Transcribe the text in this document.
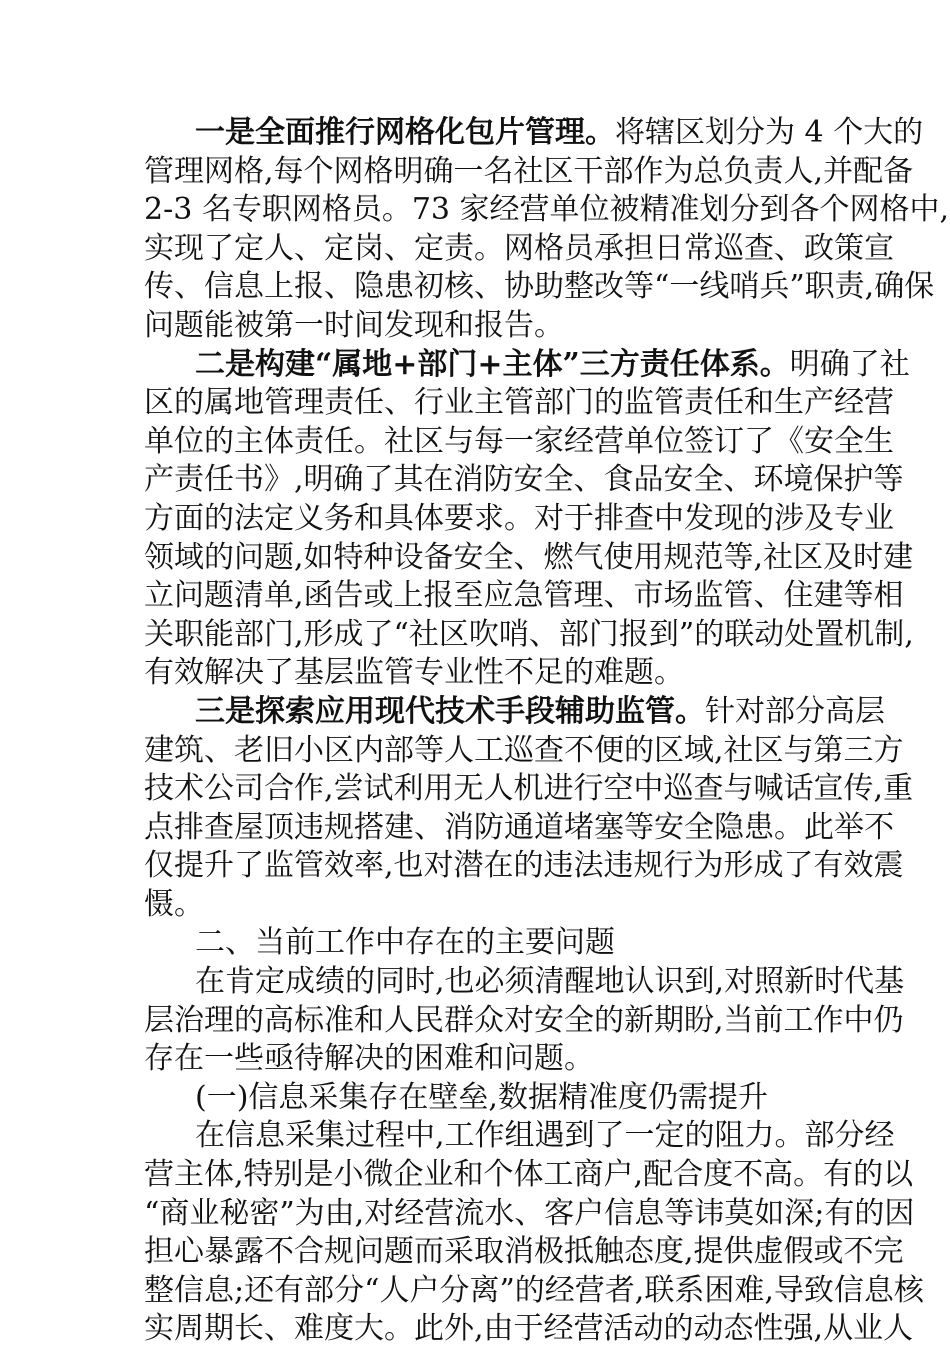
一是全面推行网格化包片管理。将辖区划分为 4 个大的
管理网格,每个网格明确一名社区干部作为总负责人,并配备
2-3 名专职网格员。73 家经营单位被精准划分到各个网格中,
实现了定人、定岗、定责。网格员承担日常巡查、政策宣
传、信息上报、隐患初核、协助整改等“一线哨兵”职责,确保
问题能被第一时间发现和报告。
二是构建“属地+部门+主体”三方责任体系。明确了社
区的属地管理责任、行业主管部门的监管责任和生产经营
单位的主体责任。社区与每一家经营单位签订了《安全生
产责任书》,明确了其在消防安全、食品安全、环境保护等
方面的法定义务和具体要求。对于排查中发现的涉及专业
领域的问题,如特种设备安全、燃气使用规范等,社区及时建
立问题清单,函告或上报至应急管理、市场监管、住建等相
关职能部门,形成了“社区吹哨、部门报到”的联动处置机制,
有效解决了基层监管专业性不足的难题。
三是探索应用现代技术手段辅助监管。针对部分高层
建筑、老旧小区内部等人工巡查不便的区域,社区与第三方
技术公司合作,尝试利用无人机进行空中巡查与喊话宣传,重
点排查屋顶违规搭建、消防通道堵塞等安全隐患。此举不
仅提升了监管效率,也对潜在的违法违规行为形成了有效震
慑。
二、当前工作中存在的主要问题
在肯定成绩的同时,也必须清醒地认识到,对照新时代基
层治理的高标准和人民群众对安全的新期盼,当前工作中仍
存在一些亟待解决的困难和问题。
(一)信息采集存在壁垒,数据精准度仍需提升
在信息采集过程中,工作组遇到了一定的阻力。部分经
营主体,特别是小微企业和个体工商户,配合度不高。有的以
“商业秘密”为由,对经营流水、客户信息等讳莫如深;有的因
担心暴露不合规问题而采取消极抵触态度,提供虚假或不完
整信息;还有部分“人户分离”的经营者,联系困难,导致信息核
实周期长、难度大。此外,由于经营活动的动态性强,从业人
